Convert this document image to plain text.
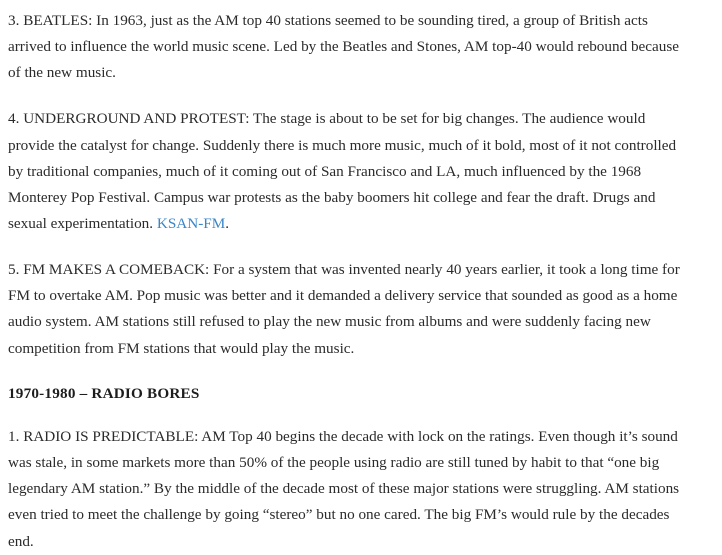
3. BEATLES: In 1963, just as the AM top 40 stations seemed to be sounding tired, a group of British acts arrived to influence the world music scene. Led by the Beatles and Stones, AM top-40 would rebound because of the new music.

4. UNDERGROUND AND PROTEST: The stage is about to be set for big changes. The audience would provide the catalyst for change. Suddenly there is much more music, much of it bold, most of it not controlled by traditional companies, much of it coming out of San Francisco and LA, much influenced by the 1968 Monterey Pop Festival. Campus war protests as the baby boomers hit college and fear the draft. Drugs and sexual experimentation. KSAN-FM.

5. FM MAKES A COMEBACK: For a system that was invented nearly 40 years earlier, it took a long time for FM to overtake AM. Pop music was better and it demanded a delivery service that sounded as good as a home audio system. AM stations still refused to play the new music from albums and were suddenly facing new competition from FM stations that would play the music.

1970-1980 – RADIO BORES

1. RADIO IS PREDICTABLE: AM Top 40 begins the decade with lock on the ratings. Even though it’s sound was stale, in some markets more than 50% of the people using radio are still tuned by habit to that “one big legendary AM station.” By the middle of the decade most of these major stations were struggling. AM stations even tried to meet the challenge by going “stereo” but no one cared. The big FM’s would rule by the decades end.
